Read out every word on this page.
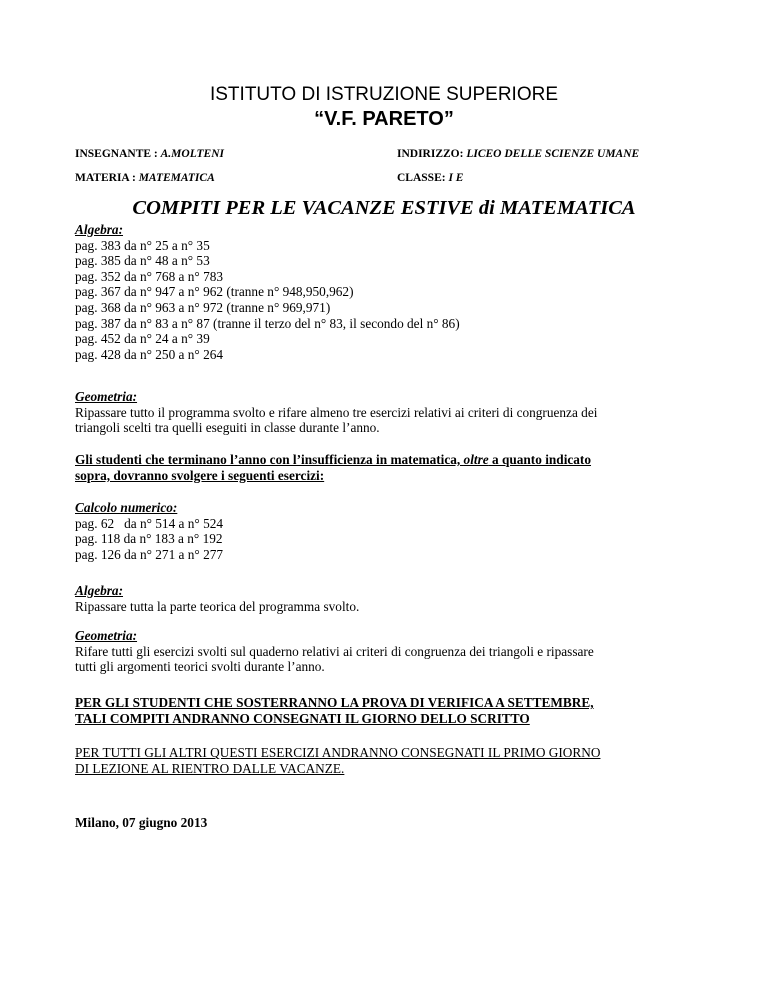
ISTITUTO DI ISTRUZIONE SUPERIORE
“V.F. PARETO”
INSEGNANTE : A.MOLTENI	INDIRIZZO: LICEO DELLE SCIENZE UMANE
MATERIA : MATEMATICA	CLASSE: I E
COMPITI PER LE VACANZE ESTIVE di MATEMATICA
Algebra:
pag. 383 da n° 25 a n° 35
pag. 385 da n° 48 a n° 53
pag. 352 da n° 768 a n° 783
pag. 367 da n° 947 a n° 962 (tranne n° 948,950,962)
pag. 368 da n° 963 a n° 972 (tranne n° 969,971)
pag. 387 da n° 83 a n° 87 (tranne il terzo del n° 83, il secondo del n° 86)
pag. 452 da n° 24 a n° 39
pag. 428 da n° 250 a n° 264
Geometria:
Ripassare tutto il programma svolto e rifare almeno tre esercizi relativi ai criteri di congruenza dei
triangoli scelti tra quelli eseguiti in classe durante l’anno.
Gli studenti che terminano l’anno con l’insufficienza in matematica, oltre a quanto indicato
sopra, dovranno svolgere i seguenti esercizi:
Calcolo numerico:
pag. 62   da n° 514 a n° 524
pag. 118 da n° 183 a n° 192
pag. 126 da n° 271 a n° 277
Algebra:
Ripassare tutta la parte teorica del programma svolto.
Geometria:
Rifare tutti gli esercizi svolti sul quaderno relativi ai criteri di congruenza dei triangoli e ripassare
tutti gli argomenti teorici svolti durante l’anno.
PER GLI STUDENTI CHE SOSTERRANNO LA PROVA DI VERIFICA A SETTEMBRE,
TALI COMPITI ANDRANNO CONSEGNATI IL GIORNO DELLO SCRITTO
PER TUTTI GLI ALTRI QUESTI ESERCIZI ANDRANNO CONSEGNATI IL PRIMO GIORNO
DI LEZIONE AL RIENTRO DALLE VACANZE.
Milano, 07 giugno 2013
